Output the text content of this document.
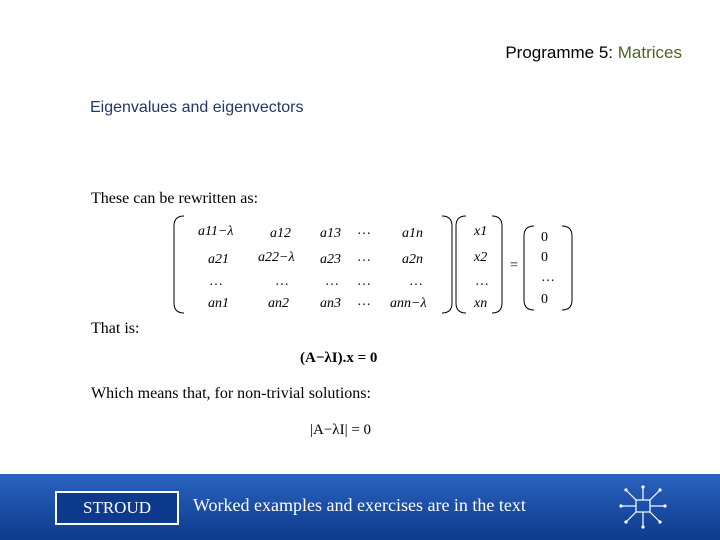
Programme 5: Matrices
Eigenvalues and eigenvectors
These can be rewritten as:
a11−λ	a12 a13 … a1n
a21 a22−λ a23 … a2n
…	…	… …	…
an1	an2 an3 … ann−λ
x1
x2
…
xn
=
0
0
…
0
That is:
(A−λI).x = 0
Which means that, for non-trivial solutions:
|A−λI| = 0
STROUD	Worked examples and exercises are in the text
